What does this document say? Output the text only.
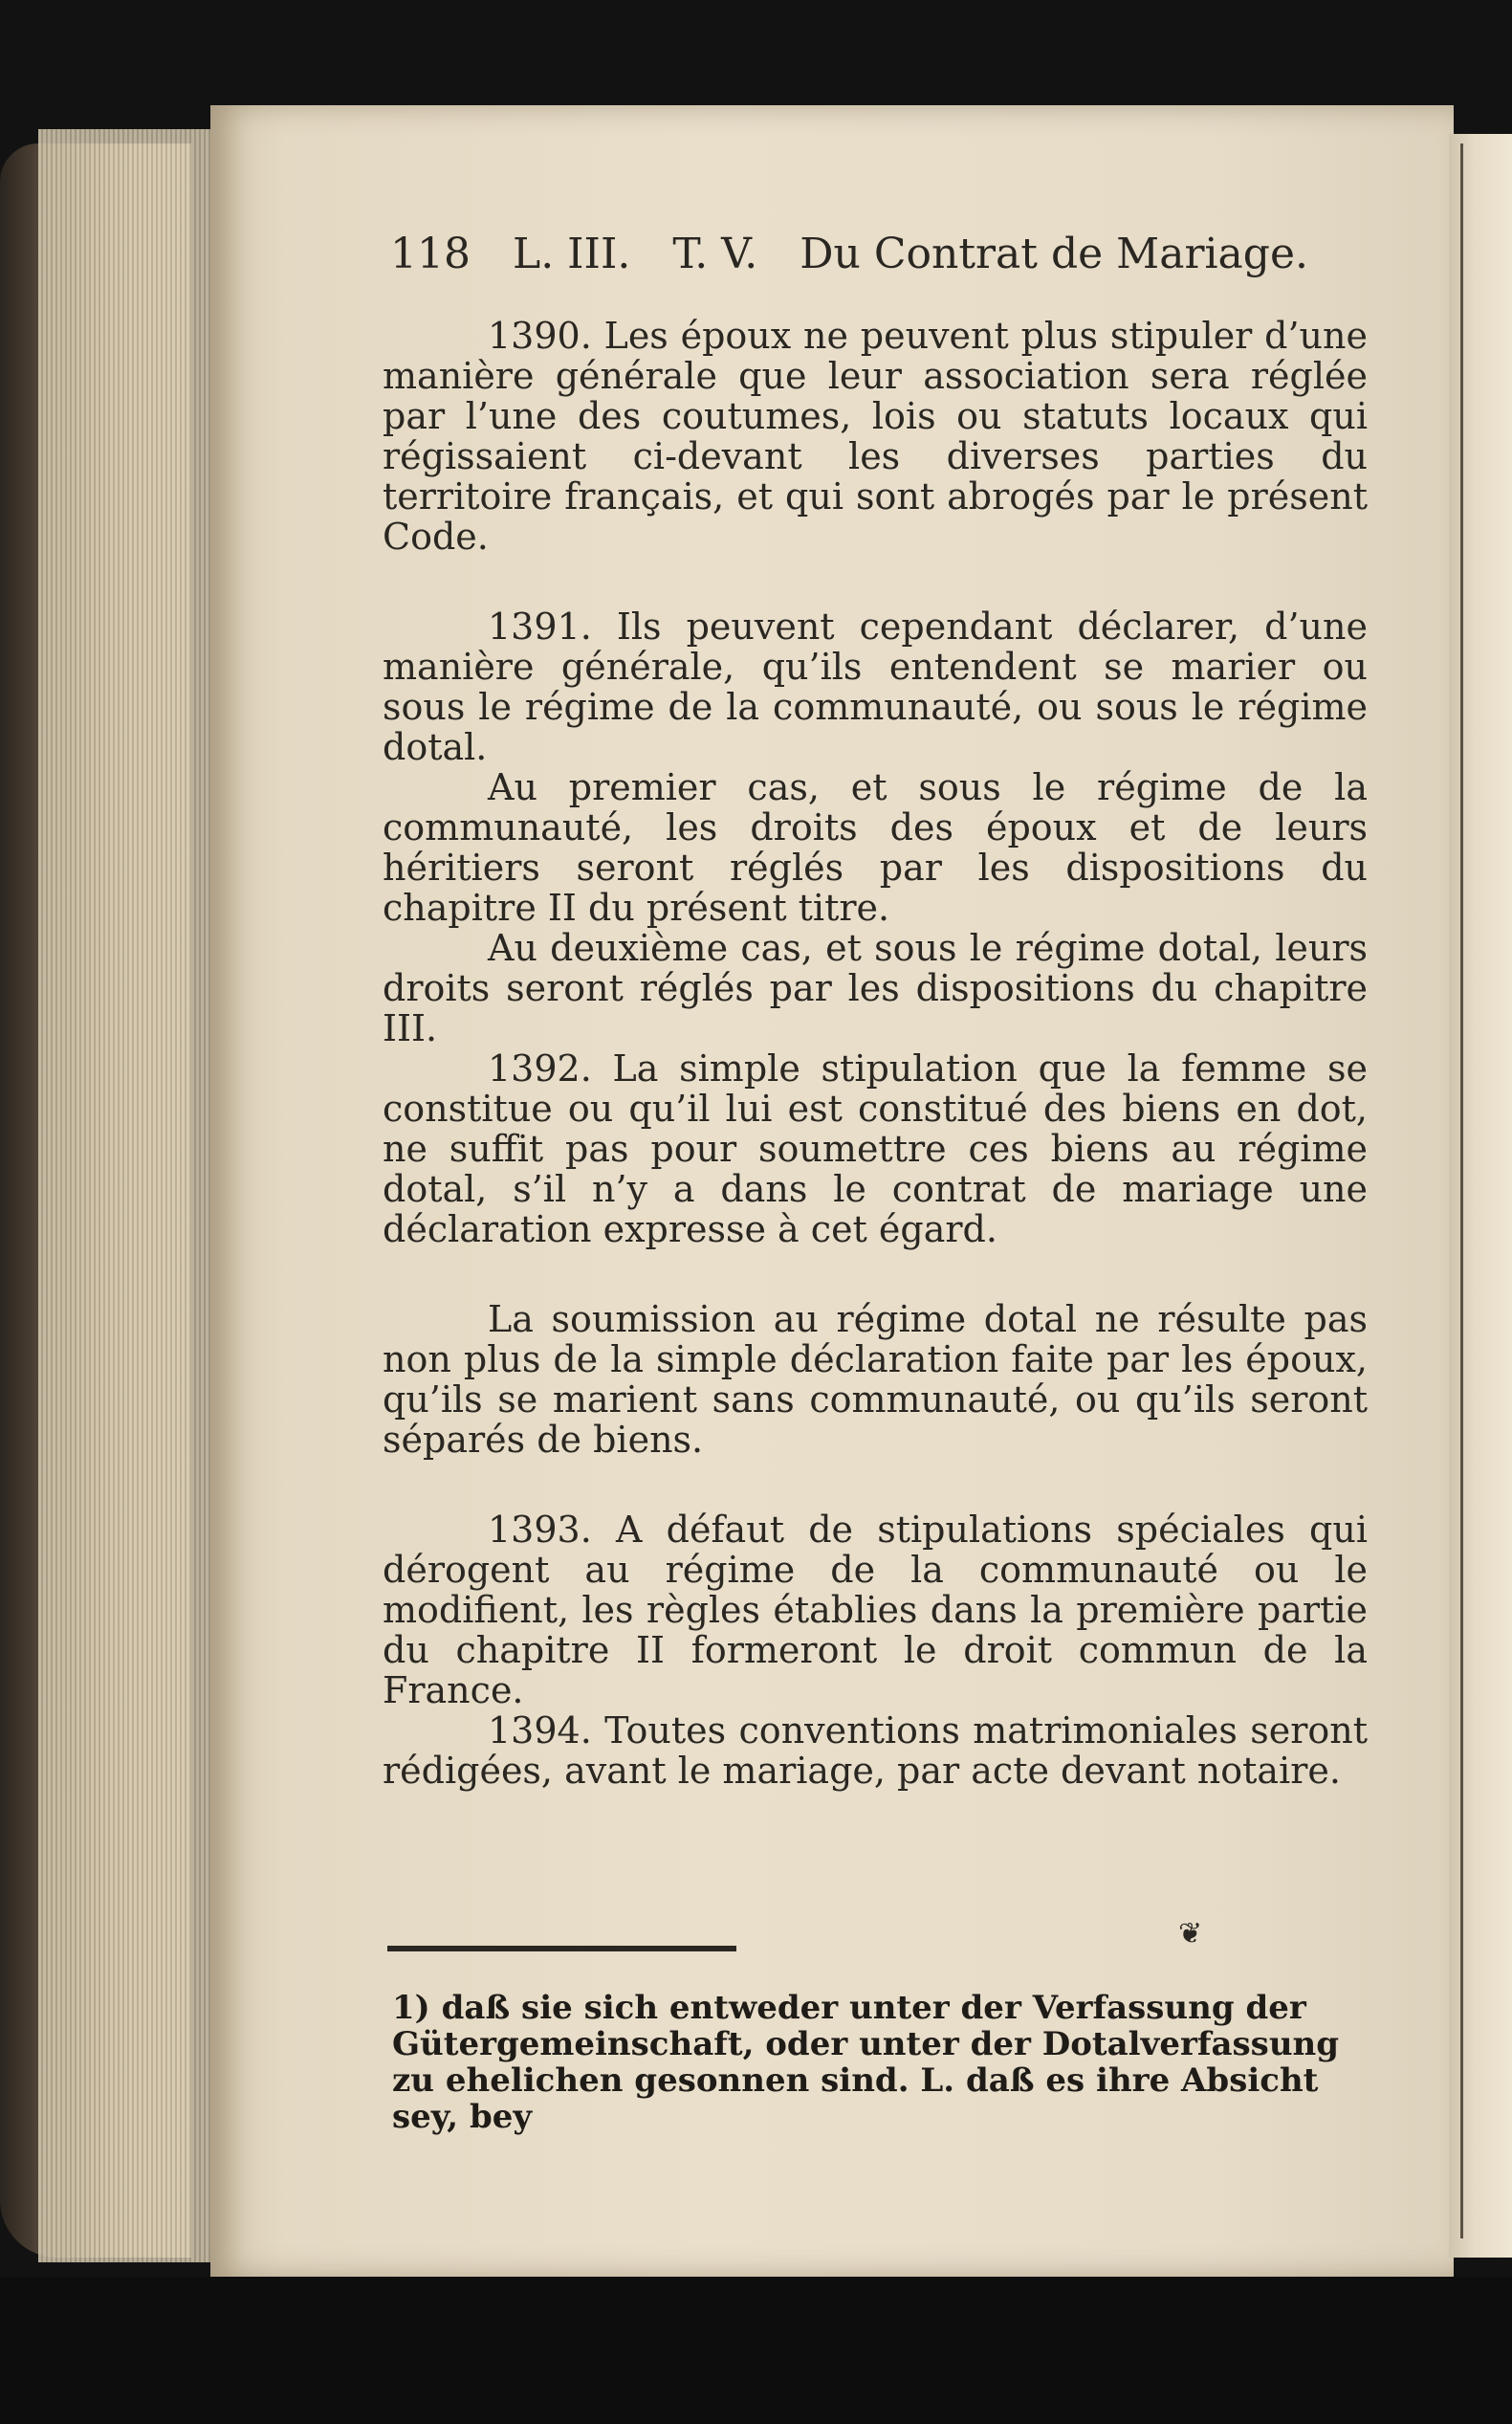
118 L. III. T. V. Du Contrat de Mariage.

1390. Les époux ne peuvent plus stipuler d’une manière générale que leur association sera réglée par l’une des coutumes, lois ou statuts locaux qui régissaient ci-devant les diverses parties du territoire français, et qui sont abrogés par le présent Code.

1391. Ils peuvent cependant déclarer, d’une manière générale, qu’ils entendent se marier ou sous le régime de la communauté, ou sous le régime dotal.

Au premier cas, et sous le régime de la communauté, les droits des époux et de leurs héritiers seront réglés par les dispositions du chapitre II du présent titre.

Au deuxième cas, et sous le régime dotal, leurs droits seront réglés par les dispositions du chapitre III.

1392. La simple stipulation que la femme se constitue ou qu’il lui est constitué des biens en dot, ne suffit pas pour soumettre ces biens au régime dotal, s’il n’y a dans le contrat de mariage une déclaration expresse à cet égard.

La soumission au régime dotal ne résulte pas non plus de la simple déclaration faite par les époux, qu’ils se marient sans communauté, ou qu’ils seront séparés de biens.

1393. A défaut de stipulations spéciales qui dérogent au régime de la communauté ou le modifient, les règles établies dans la première partie du chapitre II formeront le droit commun de la France.

1394. Toutes conventions matrimoniales seront rédigées, avant le mariage, par acte devant notaire.

❦
1) daß sie sich entweder unter der Verfassung der Gütergemeinschaft, oder unter der Dotalverfassung zu ehelichen gesonnen sind. L. daß es ihre Absicht sey, bey
